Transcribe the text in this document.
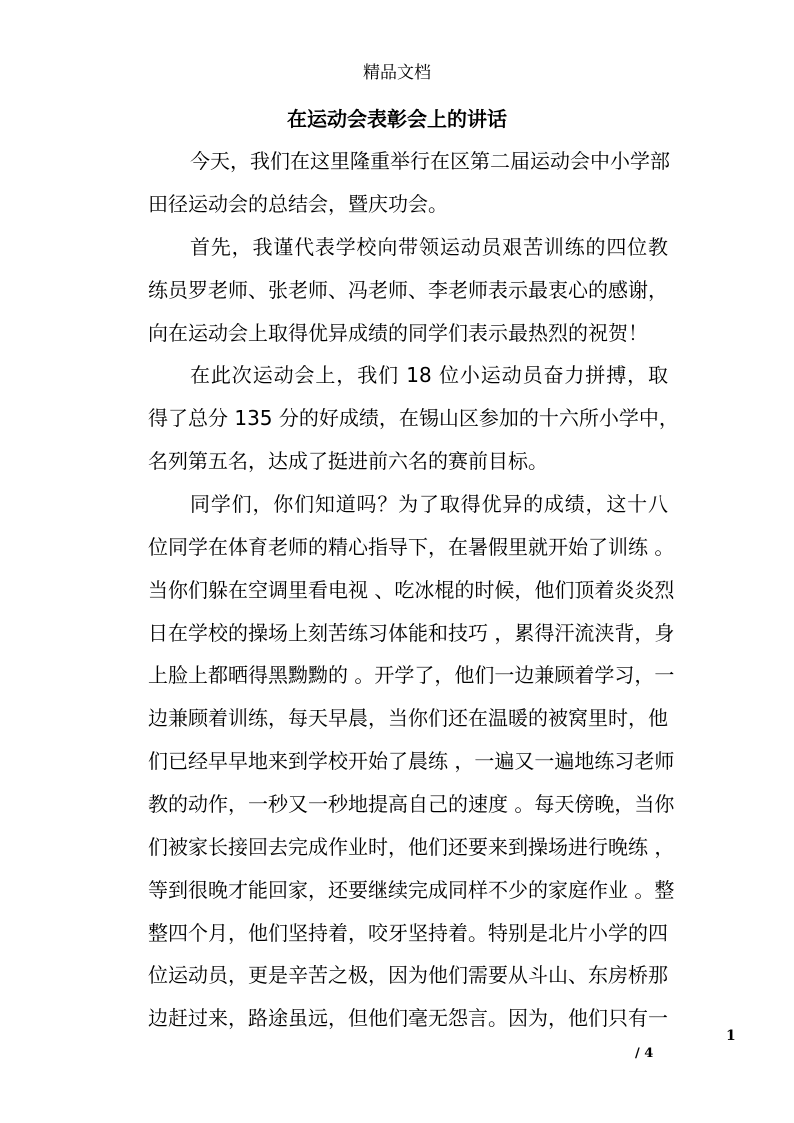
精品文档
在运动会表彰会上的讲话
今天，我们在这里隆重举行在区第二届运动会中小学部
田径运动会的总结会，暨庆功会。
首先，我谨代表学校向带领运动员艰苦训练的四位教
练员罗老师、张老师、冯老师、李老师表示最衷心的感谢，
向在运动会上取得优异成绩的同学们表示最热烈的祝贺！
在此次运动会上，我们 18 位小运动员奋力拼搏，取
得了总分 135 分的好成绩，在锡山区参加的十六所小学中，
名列第五名，达成了挺进前六名的赛前目标。
同学们，你们知道吗？为了取得优异的成绩，这十八
位同学在体育老师的精心指导下，在暑假里就开始了训练 。
当你们躲在空调里看电视 、吃冰棍的时候，他们顶着炎炎烈
日在学校的操场上刻苦练习体能和技巧 ，累得汗流浃背，身
上脸上都晒得黑黝黝的 。开学了，他们一边兼顾着学习，一
边兼顾着训练，每天早晨，当你们还在温暖的被窝里时，他
们已经早早地来到学校开始了晨练 ，一遍又一遍地练习老师
教的动作，一秒又一秒地提高自己的速度 。每天傍晚，当你
们被家长接回去完成作业时，他们还要来到操场进行晚练 ，
等到很晚才能回家，还要继续完成同样不少的家庭作业 。整
整四个月，他们坚持着，咬牙坚持着。特别是北片小学的四
位运动员，更是辛苦之极，因为他们需要从斗山、东房桥那
边赶过来，路途虽远，但他们毫无怨言。因为，他们只有一
1
/ 4
